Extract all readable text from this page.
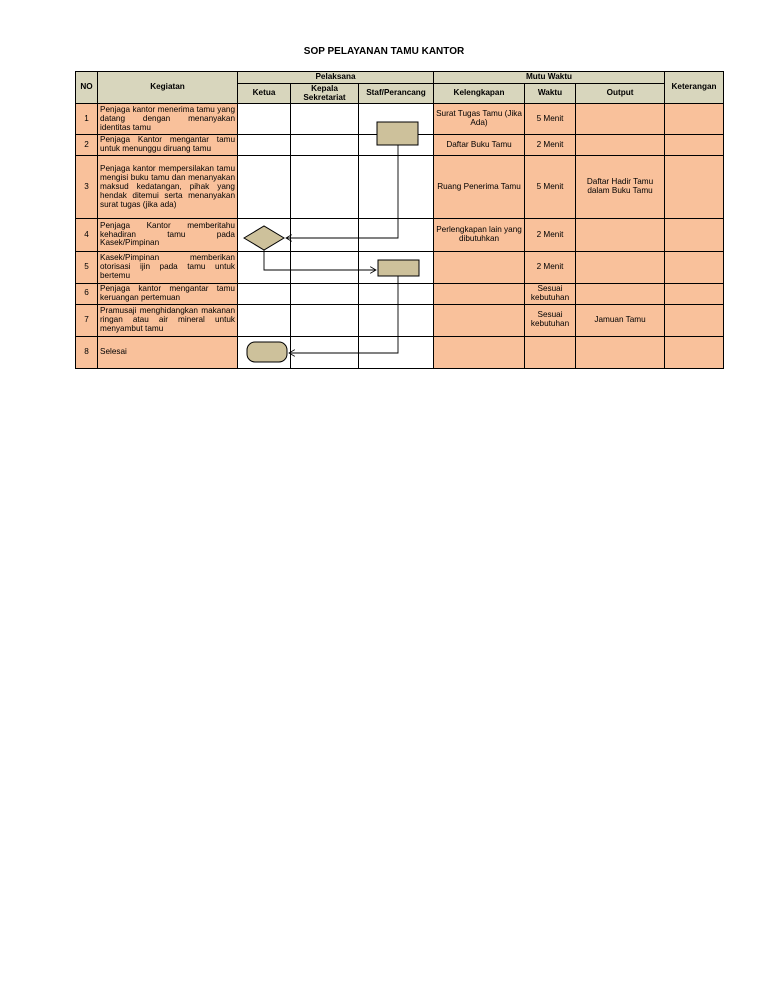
SOP PELAYANAN TAMU KANTOR
NO	Kegiatan	Pelaksana			Mutu Waktu			Keterangan
		Ketua	Kepala Sekretariat	Staf/Perancang	Kelengkapan	Waktu	Output	
1	Penjaga kantor menerima tamu yang datang dengan menanyakan identitas tamu				Surat Tugas Tamu (Jika Ada)	5 Menit		
2	Penjaga Kantor mengantar tamu untuk menunggu diruang tamu				Daftar Buku Tamu	2 Menit		
3	Penjaga kantor mempersilakan tamu mengisi buku tamu dan menanyakan maksud kedatangan, pihak yang hendak ditemui serta menanyakan surat tugas (jika ada)				Ruang Penerima Tamu	5 Menit	Daftar Hadir Tamu dalam Buku Tamu	
4	Penjaga Kantor memberitahu kehadiran tamu pada Kasek/Pimpinan				Perlengkapan lain yang dibutuhkan	2 Menit		
5	Kasek/Pimpinan memberikan otorisasi ijin pada tamu untuk bertemu					2 Menit		
6	Penjaga kantor mengantar tamu keruangan pertemuan					Sesuai kebutuhan		
7	Pramusaji menghidangkan makanan ringan atau air mineral untuk menyambut tamu					Sesuai kebutuhan	Jamuan Tamu	
8	Selesai							
